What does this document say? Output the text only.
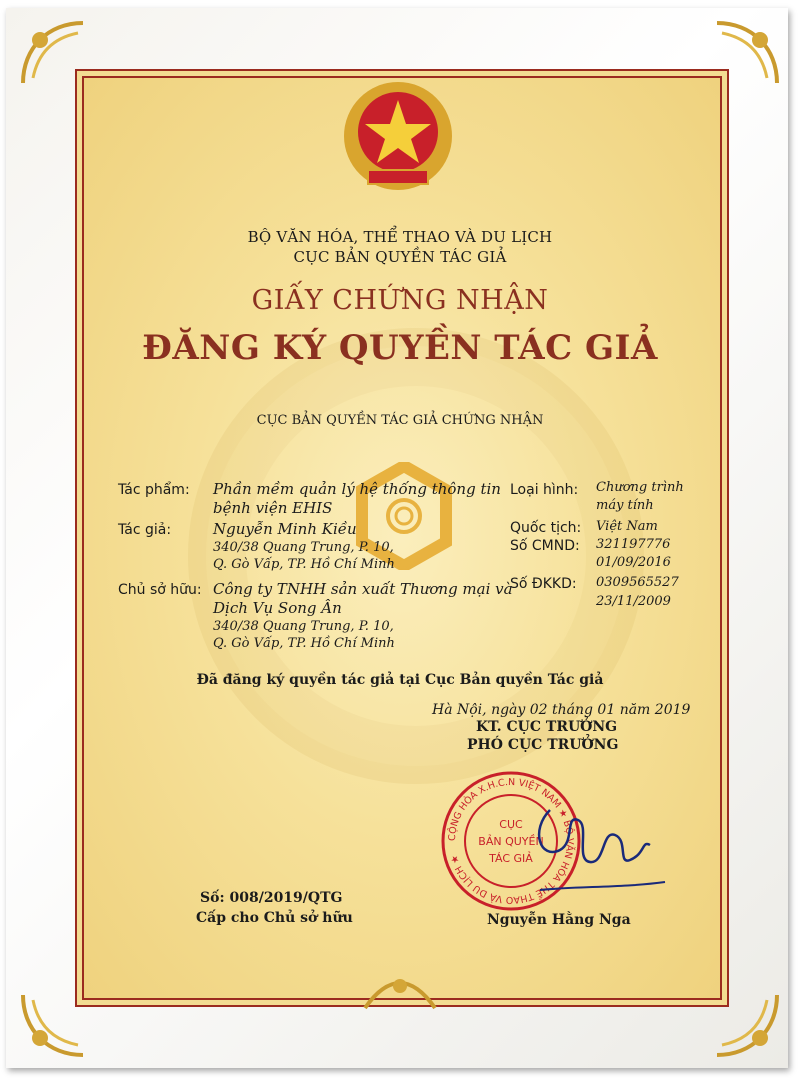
BỘ VĂN HÓA, THỂ THAO VÀ DU LỊCH
CỤC BẢN QUYỀN TÁC GIẢ
GIẤY CHỨNG NHẬN
ĐĂNG KÝ QUYỀN TÁC GIẢ
CỤC BẢN QUYỀN TÁC GIẢ CHỨNG NHẬN
Tác phẩm: Phần mềm quản lý hệ thống thông tin
bệnh viện EHIS
Tác giả:	Nguyễn Minh Kiều
340/38 Quang Trung, P. 10,
Q. Gò Vấp, TP. Hồ Chí Minh
Chủ sở hữu: Công ty TNHH sản xuất Thương mại và
Dịch Vụ Song Ân
340/38 Quang Trung, P. 10,
Q. Gò Vấp, TP. Hồ Chí Minh
Loại hình: Chương trình
máy tính
Quốc tịch: Việt Nam
Số CMND: 321197776
01/09/2016
Số ĐKKD: 0309565527
23/11/2009
Đã đăng ký quyền tác giả tại Cục Bản quyền Tác giả
Hà Nội, ngày 02 tháng 01 năm 2019
KT. CỤC TRƯỞNG
PHÓ CỤC TRƯỞNG
CỘNG HÒA X.H.C.N VIỆT NAM ★ BỘ VĂN HÓA THỂ THAO VÀ DU LỊCH ★
CỤC
BẢN QUYỀN
TÁC GIẢ
Nguyễn Hằng Nga
Số: 008/2019/QTG
Cấp cho Chủ sở hữu
